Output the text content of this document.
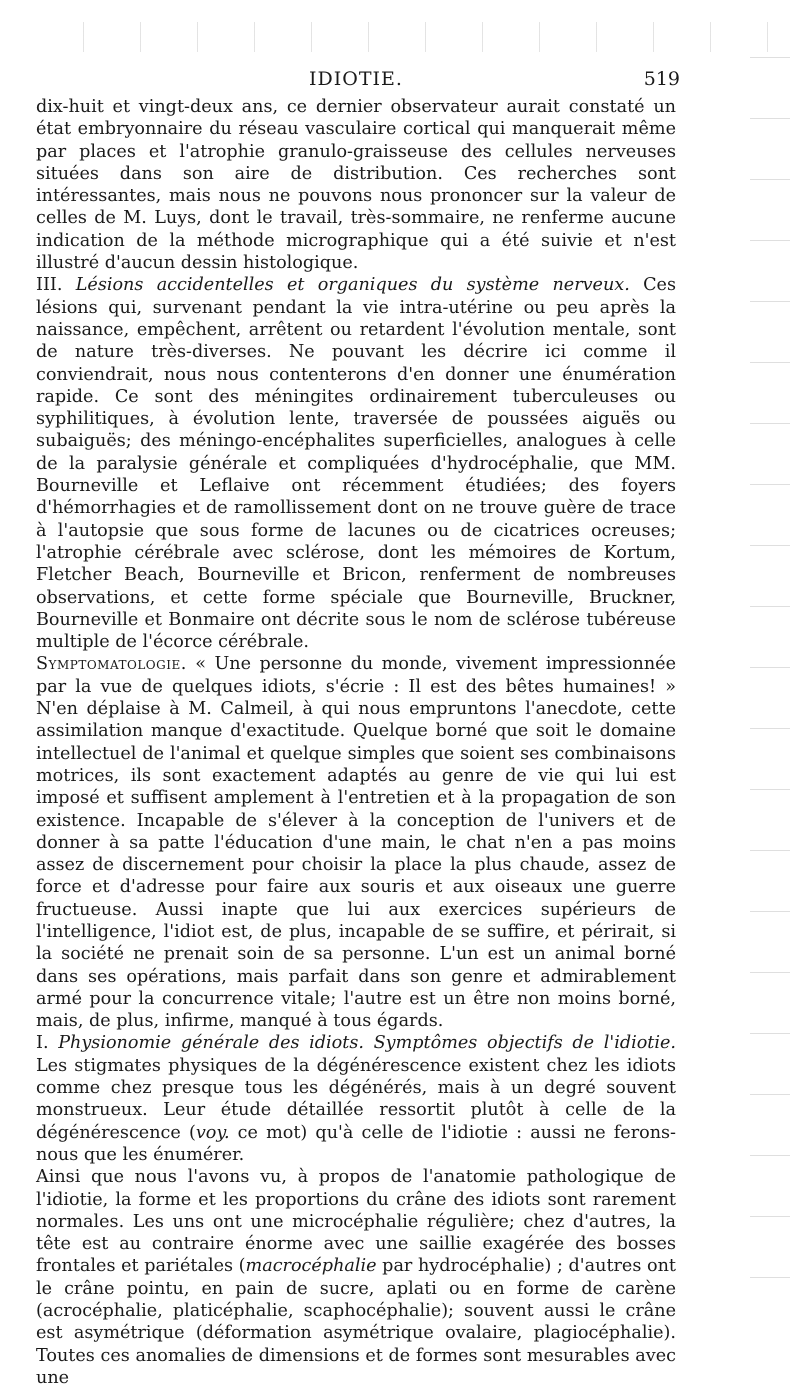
IDIOTIE.	519

dix-huit et vingt-deux ans, ce dernier observateur aurait constaté un état embryonnaire du réseau vasculaire cortical qui manquerait même par places et l'atrophie granulo-graisseuse des cellules nerveuses situées dans son aire de distribution. Ces recherches sont intéressantes, mais nous ne pouvons nous prononcer sur la valeur de celles de M. Luys, dont le travail, très-sommaire, ne renferme aucune indication de la méthode micrographique qui a été suivie et n'est illustré d'aucun dessin histologique.

III. Lésions accidentelles et organiques du système nerveux. Ces lésions qui, survenant pendant la vie intra-utérine ou peu après la naissance, empêchent, arrêtent ou retardent l'évolution mentale, sont de nature très-diverses. Ne pouvant les décrire ici comme il conviendrait, nous nous contenterons d'en donner une énumération rapide. Ce sont des méningites ordinairement tuberculeuses ou syphilitiques, à évolution lente, traversée de poussées aiguës ou subaiguës; des méningo-encéphalites superficielles, analogues à celle de la paralysie générale et compliquées d'hydrocéphalie, que MM. Bourneville et Leflaive ont récemment étudiées; des foyers d'hémorrhagies et de ramollissement dont on ne trouve guère de trace à l'autopsie que sous forme de lacunes ou de cicatrices ocreuses; l'atrophie cérébrale avec sclérose, dont les mémoires de Kortum, Fletcher Beach, Bourneville et Bricon, renferment de nombreuses observations, et cette forme spéciale que Bourneville, Bruckner, Bourneville et Bonmaire ont décrite sous le nom de sclérose tubéreuse multiple de l'écorce cérébrale.

Symptomatologie. « Une personne du monde, vivement impressionnée par la vue de quelques idiots, s'écrie : Il est des bêtes humaines! » N'en déplaise à M. Calmeil, à qui nous empruntons l'anecdote, cette assimilation manque d'exactitude. Quelque borné que soit le domaine intellectuel de l'animal et quelque simples que soient ses combinaisons motrices, ils sont exactement adaptés au genre de vie qui lui est imposé et suffisent amplement à l'entretien et à la propagation de son existence. Incapable de s'élever à la conception de l'univers et de donner à sa patte l'éducation d'une main, le chat n'en a pas moins assez de discernement pour choisir la place la plus chaude, assez de force et d'adresse pour faire aux souris et aux oiseaux une guerre fructueuse. Aussi inapte que lui aux exercices supérieurs de l'intelligence, l'idiot est, de plus, incapable de se suffire, et périrait, si la société ne prenait soin de sa personne. L'un est un animal borné dans ses opérations, mais parfait dans son genre et admirablement armé pour la concurrence vitale; l'autre est un être non moins borné, mais, de plus, infirme, manqué à tous égards.

I. Physionomie générale des idiots. Symptômes objectifs de l'idiotie. Les stigmates physiques de la dégénérescence existent chez les idiots comme chez presque tous les dégénérés, mais à un degré souvent monstrueux. Leur étude détaillée ressortit plutôt à celle de la dégénérescence (voy. ce mot) qu'à celle de l'idiotie : aussi ne ferons-nous que les énumérer.

Ainsi que nous l'avons vu, à propos de l'anatomie pathologique de l'idiotie, la forme et les proportions du crâne des idiots sont rarement normales. Les uns ont une microcéphalie régulière; chez d'autres, la tête est au contraire énorme avec une saillie exagérée des bosses frontales et pariétales (macrocéphalie par hydrocéphalie) ; d'autres ont le crâne pointu, en pain de sucre, aplati ou en forme de carène (acrocéphalie, platicéphalie, scaphocéphalie); souvent aussi le crâne est asymétrique (déformation asymétrique ovalaire, plagiocéphalie). Toutes ces anomalies de dimensions et de formes sont mesurables avec une
